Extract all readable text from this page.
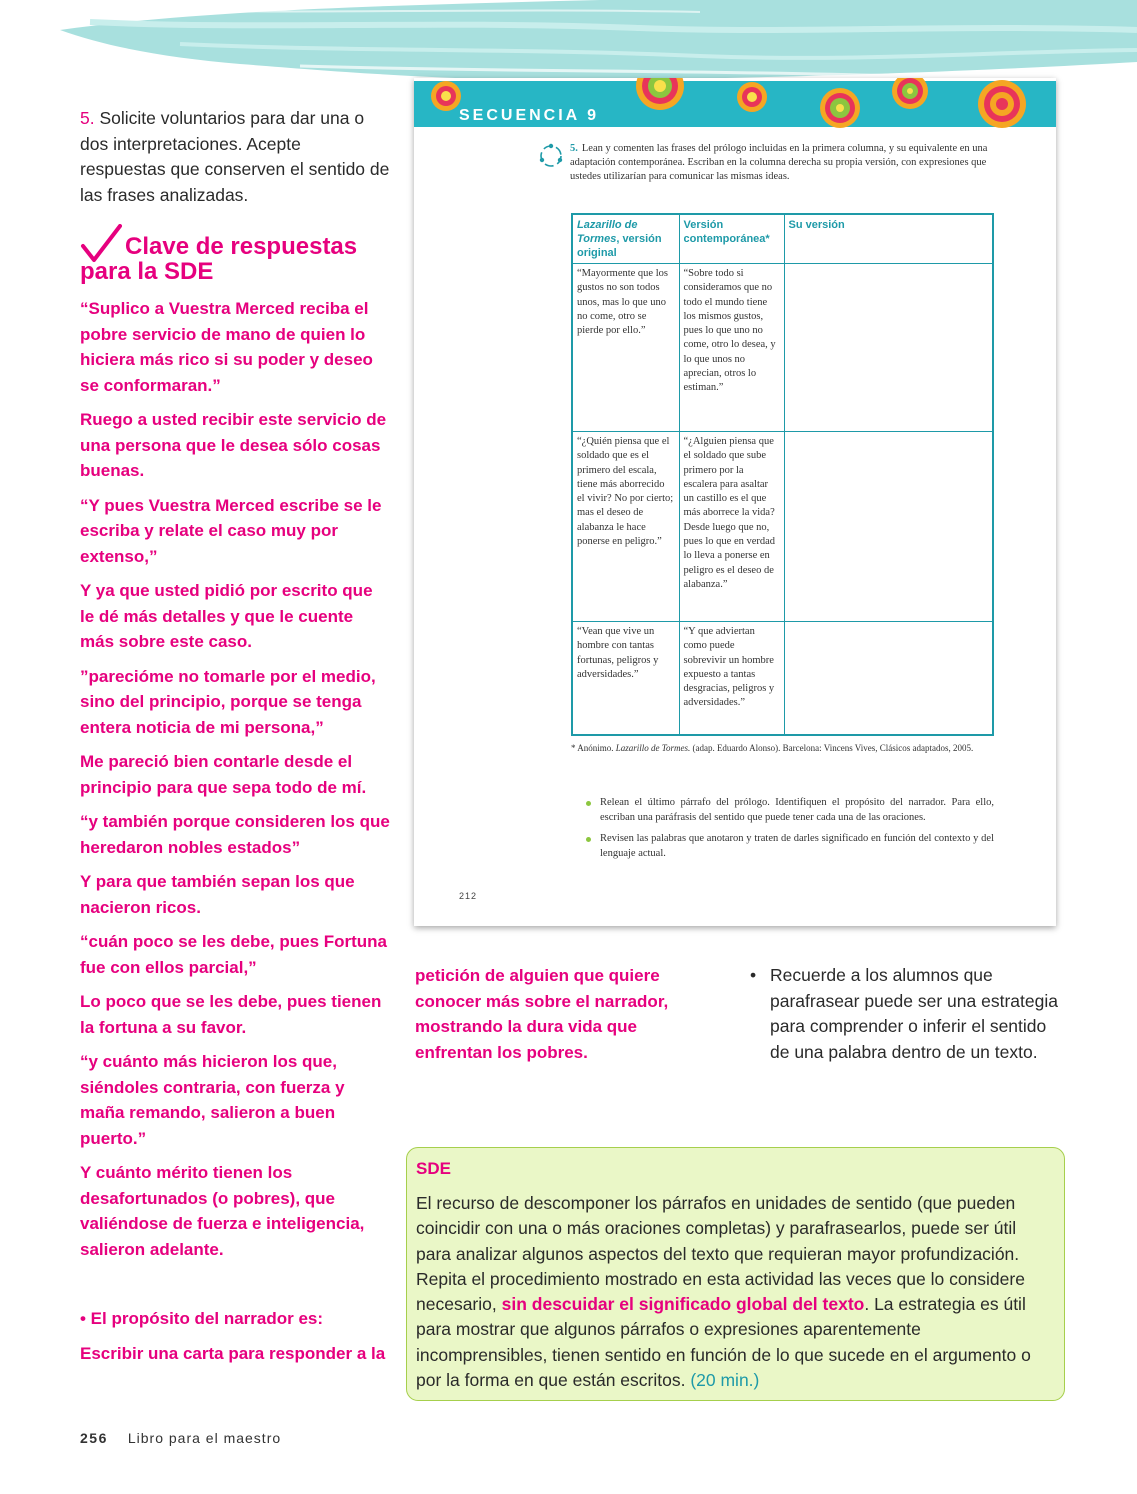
5. Solicite voluntarios para dar una o dos interpretaciones. Acepte respuestas que conserven el sentido de las frases analizadas.

Clave de respuestas
para la SDE

“Suplico a Vuestra Merced reciba el pobre servicio de mano de quien lo hiciera más rico si su poder y deseo se conformaran.”

Ruego a usted recibir este servicio de una persona que le desea sólo cosas buenas.

“Y pues Vuestra Merced escribe se le escriba y relate el caso muy por extenso,”

Y ya que usted pidió por escrito que le dé más detalles y que le cuente más sobre este caso.

”parecióme no tomarle por el medio, sino del principio, porque se tenga entera noticia de mi persona,”

Me pareció bien contarle desde el principio para que sepa todo de mí.

“y también porque consideren los que heredaron nobles estados”

Y para que también sepan los que nacieron ricos.

“cuán poco se les debe, pues Fortuna fue con ellos parcial,”

Lo poco que se les debe, pues tienen la fortuna a su favor.

“y cuánto más hicieron los que, siéndoles contraria, con fuerza y maña remando, salieron a buen puerto.”

Y cuánto mérito tienen los desafortunados (o pobres), que valiéndose de fuerza e inteligencia, salieron adelante.

• El propósito del narrador es:

Escribir una carta para responder a la

SECUENCIA 9
5. Lean y comenten las frases del prólogo incluidas en la primera columna, y su equivalente en una adaptación contemporánea. Escriban en la columna derecha su propia versión, con expresiones que ustedes utilizarían para comunicar las mismas ideas.
Lazarillo de Tormes, versión original	Versión contemporánea*	Su versión
“Mayormente que los gustos no son todos unos, mas lo que uno no come, otro se pierde por ello.”	“Sobre todo si consideramos que no todo el mundo tiene los mismos gustos, pues lo que uno no come, otro lo desea, y lo que unos no aprecian, otros lo estiman.”	
“¿Quién piensa que el soldado que es el primero del escala, tiene más aborrecido el vivir? No por cierto; mas el deseo de alabanza le hace ponerse en peligro.”	“¿Alguien piensa que el soldado que sube primero por la escalera para asaltar un castillo es el que más aborrece la vida? Desde luego que no, pues lo que en verdad lo lleva a ponerse en peligro es el deseo de alabanza.”	
“Vean que vive un hombre con tantas fortunas, peligros y adversidades.”	“Y que adviertan como puede sobrevivir un hombre expuesto a tantas desgracias, peligros y adversidades.”	
* Anónimo. Lazarillo de Tormes. (adap. Eduardo Alonso). Barcelona: Vincens Vives, Clásicos adaptados, 2005.
Relean el último párrafo del prólogo. Identifiquen el propósito del narrador. Para ello, escriban una paráfrasis del sentido que puede tener cada una de las oraciones.
Revisen las palabras que anotaron y traten de darles significado en función del contexto y del lenguaje actual.
212
petición de alguien que quiere conocer más sobre el narrador, mostrando la dura vida que enfrentan los pobres.
• Recuerde a los alumnos que parafrasear puede ser una estrategia para comprender o inferir el sentido de una palabra dentro de un texto.
SDE
El recurso de descomponer los párrafos en unidades de sentido (que pueden coincidir con una o más oraciones completas) y parafrasearlos, puede ser útil para analizar algunos aspectos del texto que requieran mayor profundización. Repita el procedimiento mostrado en esta actividad las veces que lo considere necesario, sin descuidar el significado global del texto. La estrategia es útil para mostrar que algunos párrafos o expresiones aparentemente incomprensibles, tienen sentido en función de lo que sucede en el argumento o por la forma en que están escritos. (20 min.)
256 Libro para el maestro
